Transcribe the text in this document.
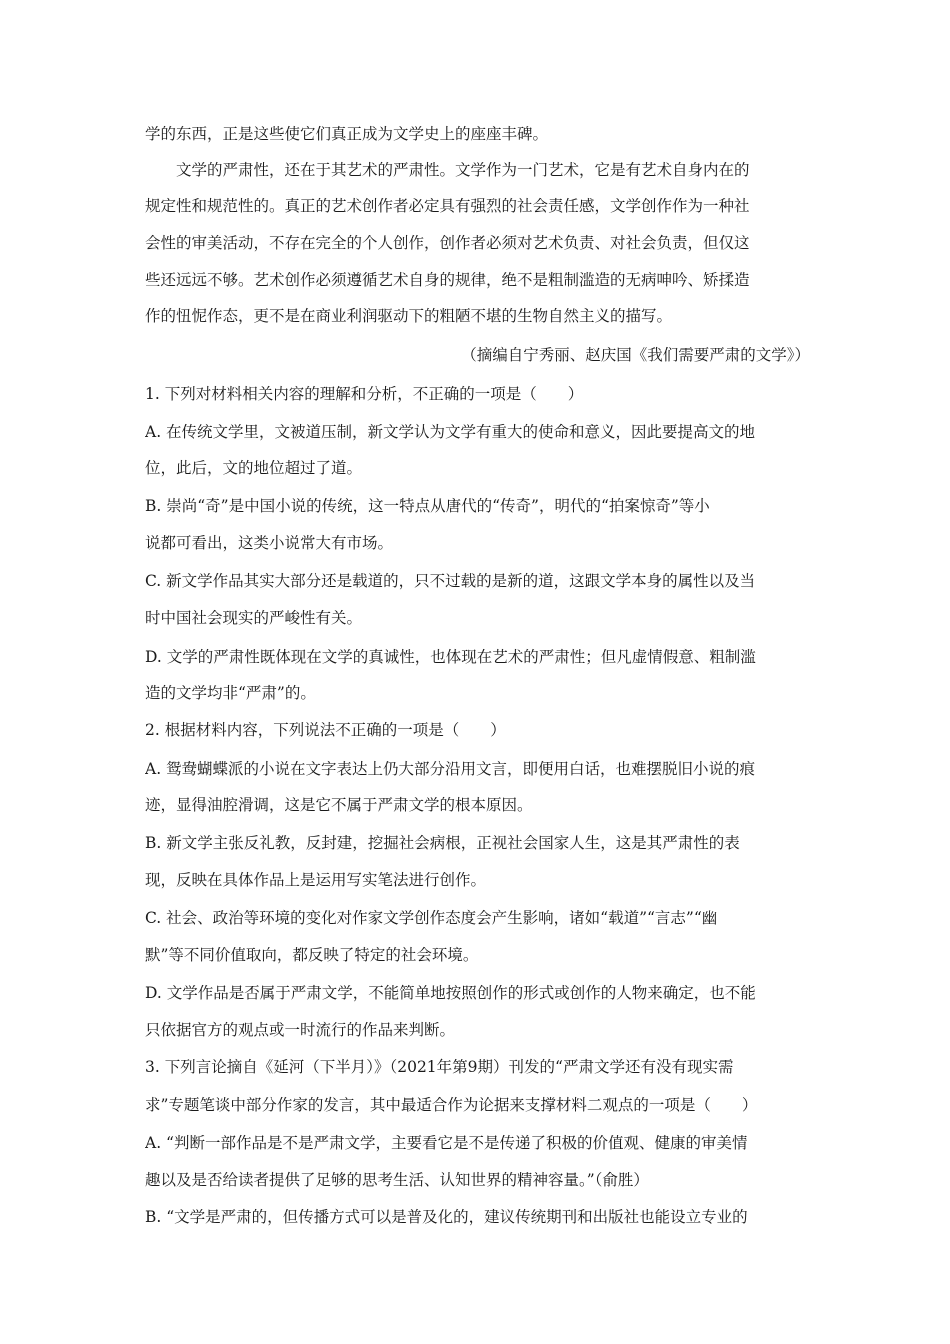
学的东西，正是这些使它们真正成为文学史上的座座丰碑。
文学的严肃性，还在于其艺术的严肃性。文学作为一门艺术，它是有艺术自身内在的
规定性和规范性的。真正的艺术创作者必定具有强烈的社会责任感，文学创作作为一种社
会性的审美活动，不存在完全的个人创作，创作者必须对艺术负责、对社会负责，但仅这
些还远远不够。艺术创作必须遵循艺术自身的规律，绝不是粗制滥造的无病呻吟、矫揉造
作的忸怩作态，更不是在商业利润驱动下的粗陋不堪的生物自然主义的描写。
（摘编自宁秀丽、赵庆国《我们需要严肃的文学》）
1. 下列对材料相关内容的理解和分析，不正确的一项是（　　）
A. 在传统文学里，文被道压制，新文学认为文学有重大的使命和意义，因此要提高文的地
位，此后，文的地位超过了道。
B. 崇尚“奇”是中国小说的传统，这一特点从唐代的“传奇”，明代的“拍案惊奇”等小
说都可看出，这类小说常大有市场。
C. 新文学作品其实大部分还是载道的，只不过载的是新的道，这跟文学本身的属性以及当
时中国社会现实的严峻性有关。
D. 文学的严肃性既体现在文学的真诚性，也体现在艺术的严肃性；但凡虚情假意、粗制滥
造的文学均非“严肃”的。
2. 根据材料内容，下列说法不正确的一项是（　　）
A. 鸳鸯蝴蝶派的小说在文字表达上仍大部分沿用文言，即便用白话，也难摆脱旧小说的痕
迹，显得油腔滑调，这是它不属于严肃文学的根本原因。
B. 新文学主张反礼教，反封建，挖掘社会病根，正视社会国家人生，这是其严肃性的表
现，反映在具体作品上是运用写实笔法进行创作。
C. 社会、政治等环境的变化对作家文学创作态度会产生影响，诸如“载道”“言志”“幽
默”等不同价值取向，都反映了特定的社会环境。
D. 文学作品是否属于严肃文学，不能简单地按照创作的形式或创作的人物来确定，也不能
只依据官方的观点或一时流行的作品来判断。
3. 下列言论摘自《延河（下半月）》（2021年第9期）刊发的“严肃文学还有没有现实需
求”专题笔谈中部分作家的发言，其中最适合作为论据来支撑材料二观点的一项是（　　）
A. “判断一部作品是不是严肃文学，主要看它是不是传递了积极的价值观、健康的审美情
趣以及是否给读者提供了足够的思考生活、认知世界的精神容量。”（俞胜）
B. “文学是严肃的，但传播方式可以是普及化的，建议传统期刊和出版社也能设立专业的
